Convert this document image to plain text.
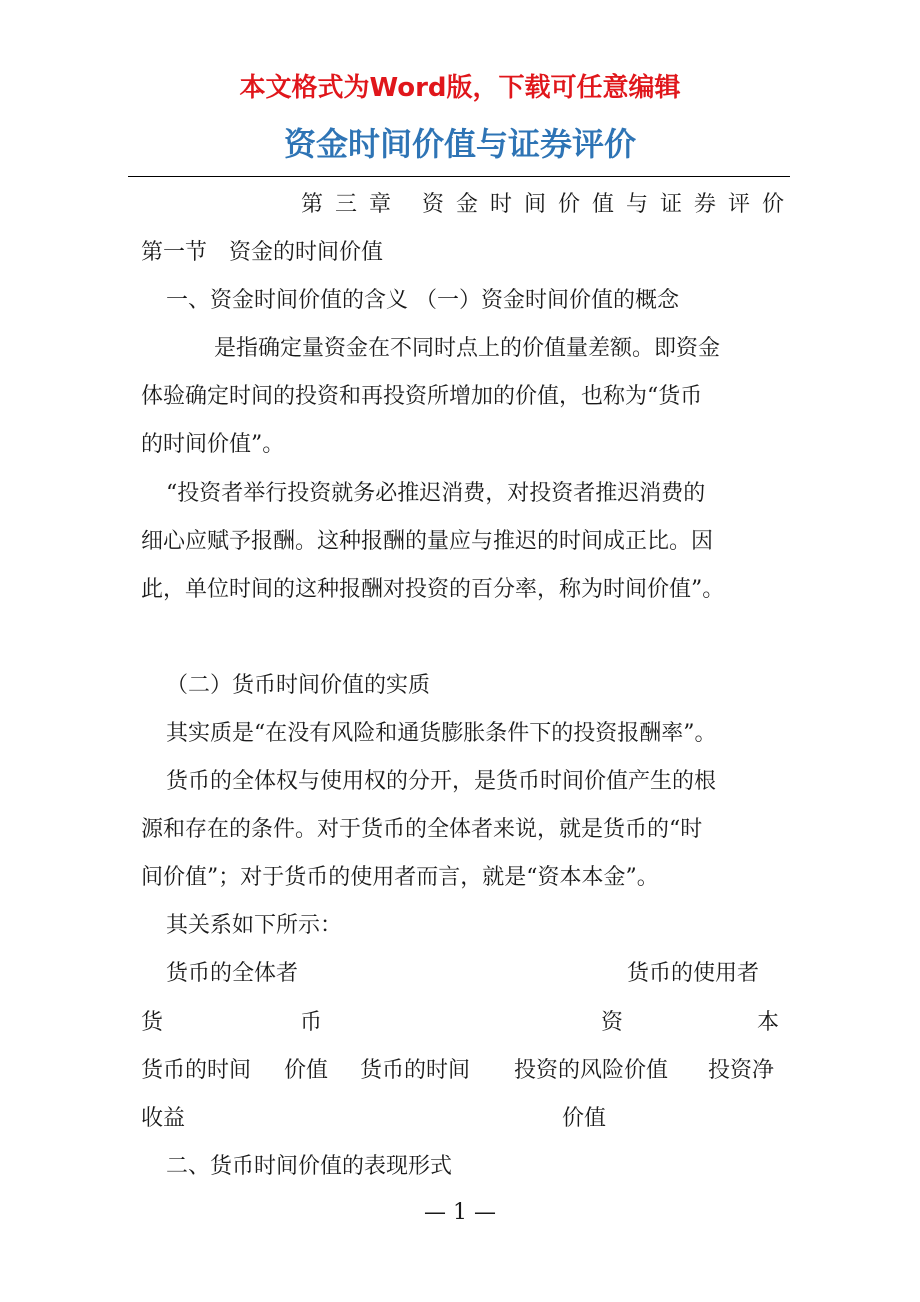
本文格式为Word版，下载可任意编辑
资金时间价值与证券评价
第三章 资金时间价值与证券评价
第一节　资金的时间价值
一、资金时间价值的含义 （一）资金时间价值的概念
是指确定量资金在不同时点上的价值量差额。即资金
体验确定时间的投资和再投资所增加的价值，也称为“货币
的时间价值”。
“投资者举行投资就务必推迟消费，对投资者推迟消费的
细心应赋予报酬。这种报酬的量应与推迟的时间成正比。因
此，单位时间的这种报酬对投资的百分率，称为时间价值”。
（二）货币时间价值的实质
其实质是“在没有风险和通货膨胀条件下的投资报酬率”。
货币的全体权与使用权的分开，是货币时间价值产生的根
源和存在的条件。对于货币的全体者来说，就是货币的“时
间价值”；对于货币的使用者而言，就是“资本本金”。
其关系如下所示：
货币的全体者	货币的使用者
货	币	资	本
货币的时间 价值 货币的时间 投资的风险价值 投资净
收益	价值
二、货币时间价值的表现形式
— 1 —
